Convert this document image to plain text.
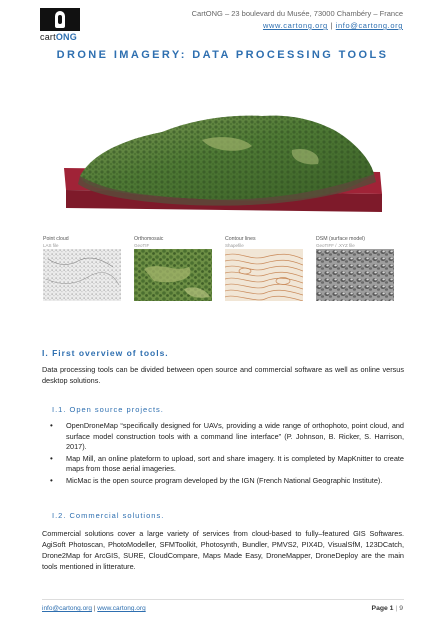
cartONG
CartONG – 23 boulevard du Musée, 73000 Chambéry – France
www.cartong.org | info@cartong.org
DRONE IMAGERY: DATA PROCESSING TOOLS
Point cloud
LAS file
Orthomosaic
GeoTIF
Contour lines
Shapefile
DSM (surface model)
GeoTIFF / .XYZ file
I. First overview of tools.
Data processing tools can be divided between open source and commercial software as well as online versus desktop solutions.
I.1. Open source projects.
• OpenDroneMap “specifically designed for UAVs, providing a wide range of orthophoto, point cloud, and surface model construction tools with a command line interface” (P. Johnson, B. Ricker, S. Harrison, 2017).
• Map Mill, an online plateform to upload, sort and share imagery. It is completed by MapKnitter to create maps from those aerial imageries.
• MicMac is the open source program developed by the IGN (French National Geographic Institute).
I.2. Commercial solutions.
Commercial solutions cover a large variety of services from cloud-based to fully–featured GIS Softwares. AgiSoft Photoscan, PhotoModeller, SFMToolkit, Photosynth, Bundler, PMVS2, PIX4D, VisualSfM, 123DCatch, Drone2Map for ArcGIS, SURE, CloudCompare, Maps Made Easy, DroneMapper, DroneDeploy are the main tools mentioned in litterature.
info@cartong.org | www.cartong.org	Page 1 | 9
